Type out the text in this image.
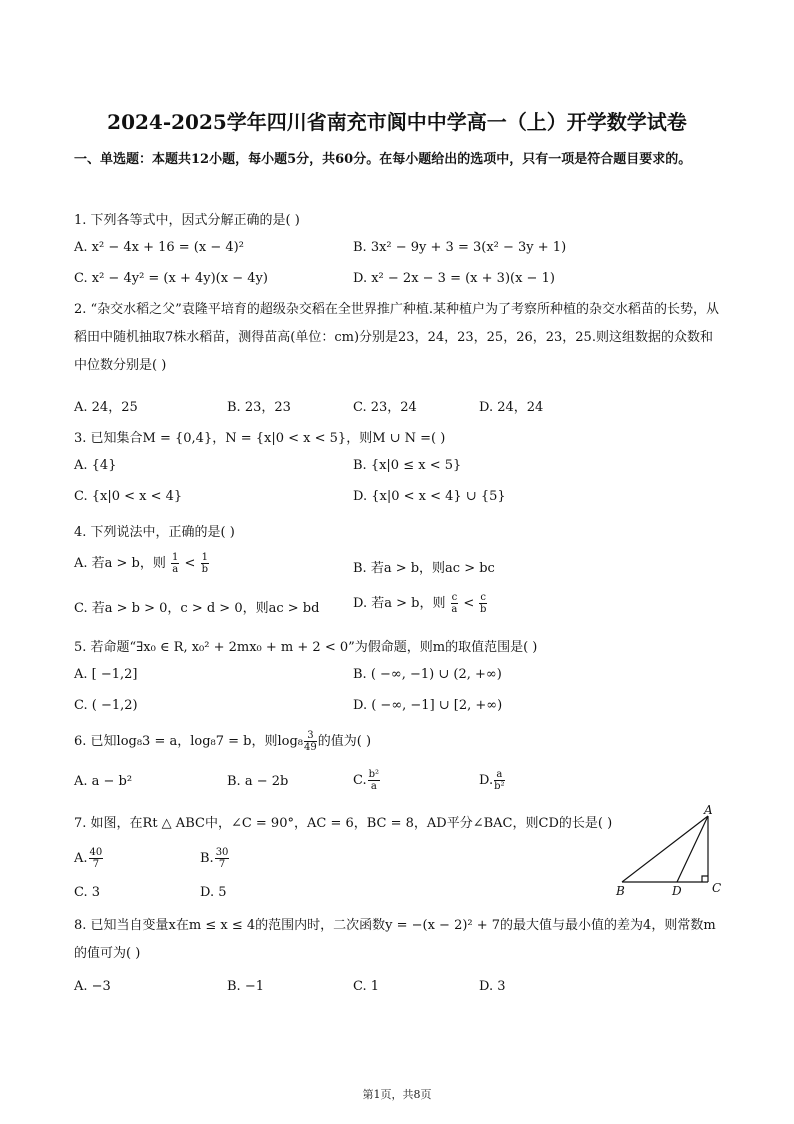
2024-2025学年四川省南充市阆中中学高一（上）开学数学试卷
一、单选题：本题共12小题，每小题5分，共60分。在每小题给出的选项中，只有一项是符合题目要求的。
1. 下列各等式中，因式分解正确的是( )
A. x² − 4x + 16 = (x − 4)²	B. 3x² − 9y + 3 = 3(x² − 3y + 1)
C. x² − 4y² = (x + 4y)(x − 4y)	D. x² − 2x − 3 = (x + 3)(x − 1)
2. “杂交水稻之父”袁隆平培育的超级杂交稻在全世界推广种植.某种植户为了考察所种植的杂交水稻苗的长势，从稻田中随机抽取7株水稻苗，测得苗高(单位：cm)分别是23，24，23，25，26，23，25.则这组数据的众数和中位数分别是( )
A. 24，25	B. 23，23	C. 23，24	D. 24，24
3. 已知集合M = {0,4}，N = {x|0 < x < 5}，则M ∪ N =( )
A. {4}	B. {x|0 ≤ x < 5}
C. {x|0 < x < 4}	D. {x|0 < x < 4} ∪ {5}
4. 下列说法中，正确的是( )
A. 若a > b，则 $\frac{1}{a} < \frac{1}{b}$	B. 若a > b，则ac > bc
C. 若a > b > 0，c > d > 0，则ac > bd	D. 若a > b，则 $\frac{c}{a} < \frac{c}{b}$
5. 若命题“∃x₀ ∈ R, x₀² + 2mx₀ + m + 2 < 0”为假命题，则m的取值范围是( )
A. [ −1,2]	B. ( −∞, −1) ∪ (2, +∞)
C. ( −1,2)	D. ( −∞, −1] ∪ [2, +∞)
6. 已知log₈3 = a，log₈7 = b，则$\log_8 \frac{3}{49}$ 的值为( )
A. a − b²	B. a − 2b	C. $\frac{\text{b²}}{a}$	D. $\frac{a}{\text{b²}}$
7. 如图，在Rt △ ABC中，∠C = 90°，AC = 6，BC = 8，AD平分∠BAC，则CD的长是( )
A. $\frac{40}{7}$	B. $\frac{30}{7}$
C. 3	D. 5
A
B	C
D
8. 已知当自变量x在m ≤ x ≤ 4的范围内时，二次函数y = −(x − 2)² + 7的最大值与最小值的差为4，则常数m的值可为( )
A. −3	B. −1	C. 1	D. 3
第1页，共8页
